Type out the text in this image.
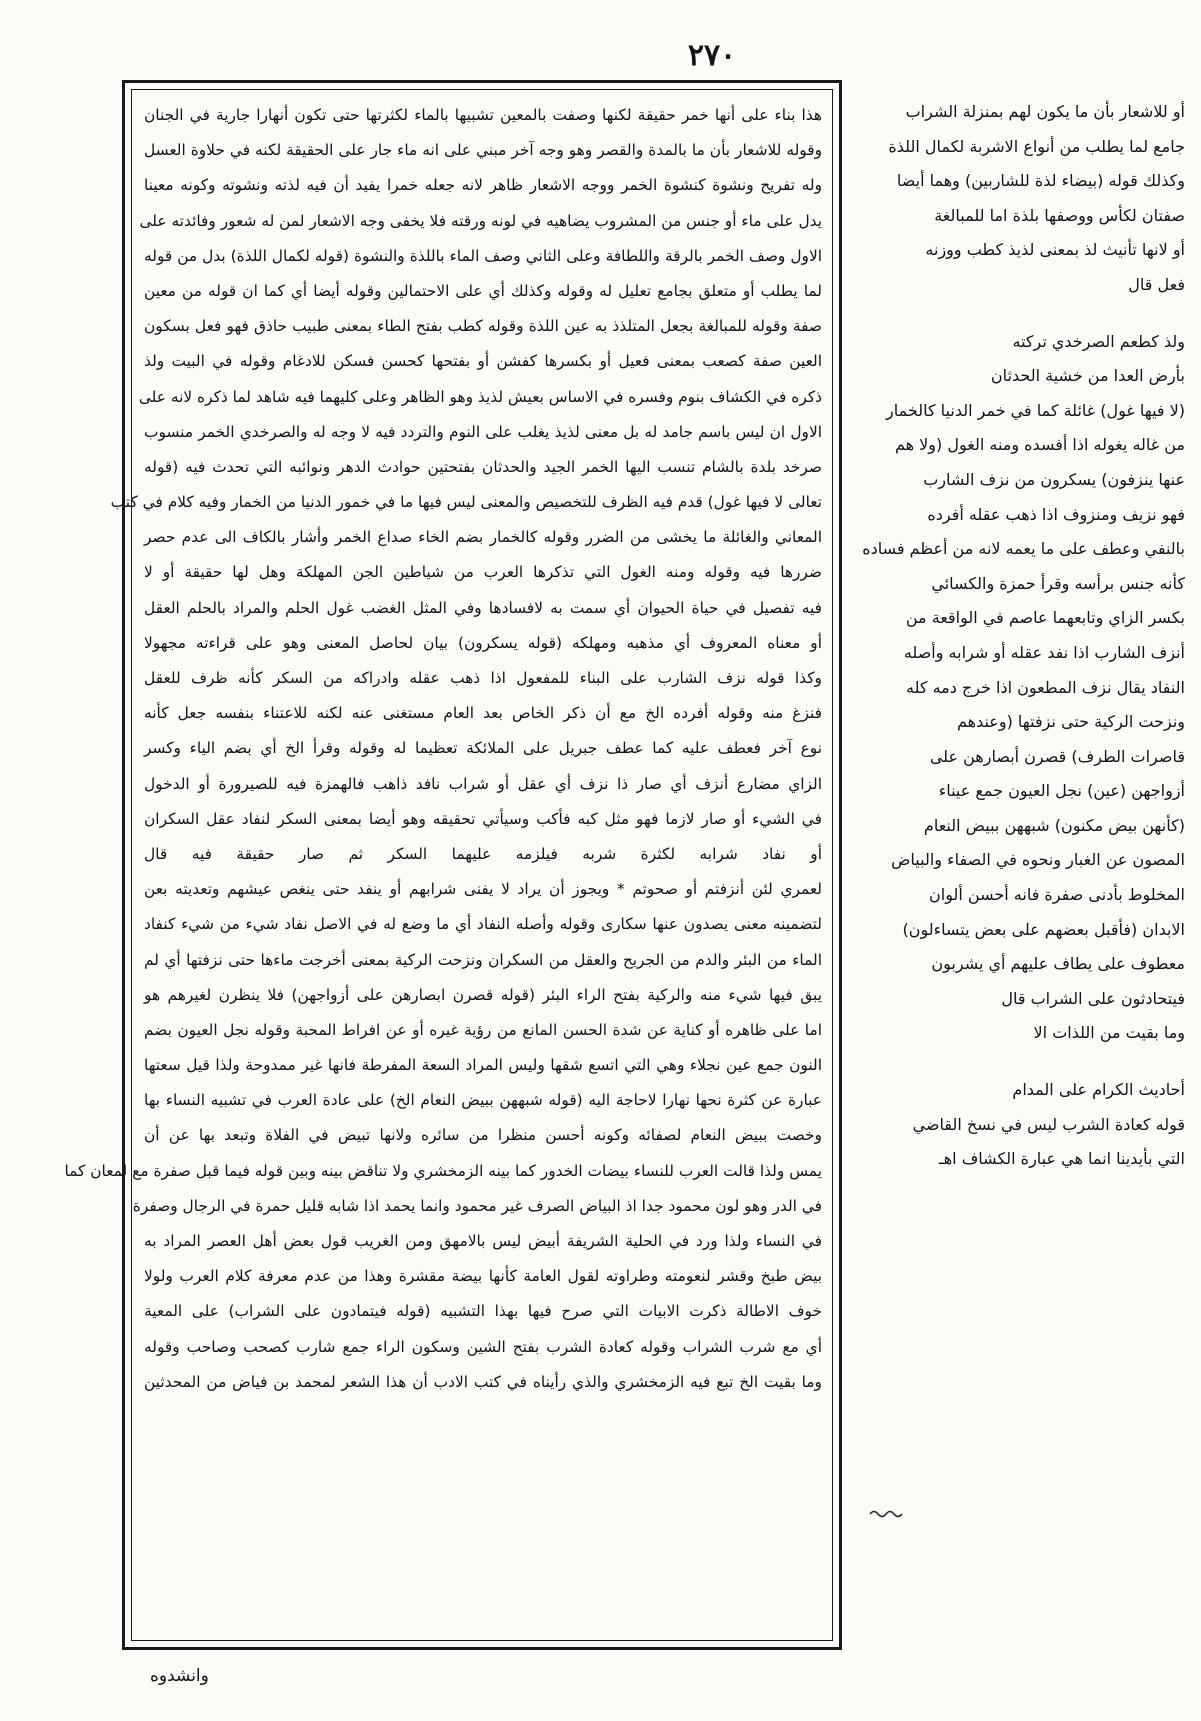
٢٧٠
هذا بناء على أنها خمر حقيقة لكنها وصفت بالمعين تشبيها بالماء لكثرتها حتى تكون أنهارا جارية في الجنان
وقوله للاشعار بأن ما بالمدة والقصر وهو وجه آخر مبني على انه ماء جار على الحقيقة لكنه في حلاوة العسل
وله تفريح ونشوة كنشوة الخمر ووجه الاشعار ظاهر لانه جعله خمرا يفيد أن فيه لذته ونشوته وكونه معينا
يدل على ماء أو جنس من المشروب يضاهيه في لونه ورقته فلا يخفى وجه الاشعار لمن له شعور وفائدته على
الاول وصف الخمر بالرقة واللطافة وعلى الثاني وصف الماء باللذة والنشوة (قوله لكمال اللذة) بدل من قوله
لما يطلب أو متعلق بجامع تعليل له وقوله وكذلك أي على الاحتمالين وقوله أيضا أي كما ان قوله من معين
صفة وقوله للمبالغة بجعل المتلذذ به عين اللذة وقوله كطب بفتح الطاء بمعنى طبيب حاذق فهو فعل بسكون
العين صفة كصعب بمعنى فعيل أو بكسرها كفشن أو بفتحها كحسن فسكن للادغام وقوله في البيت ولذ
ذكره في الكشاف بنوم وفسره في الاساس بعيش لذيذ وهو الظاهر وعلى كليهما فيه شاهد لما ذكره لانه على
الاول ان ليس باسم جامد له بل معنى لذيذ يغلب على النوم والتردد فيه لا وجه له والصرخدي الخمر منسوب
صرخد بلدة بالشام تنسب اليها الخمر الجيد والحدثان بفتحتين حوادث الدهر ونوائبه التي تحدث فيه (قوله
تعالى لا فيها غول) قدم فيه الظرف للتخصيص والمعنى ليس فيها ما في خمور الدنيا من الخمار وفيه كلام في كتب
المعاني والغائلة ما يخشى من الضرر وقوله كالخمار بضم الخاء صداع الخمر وأشار بالكاف الى عدم حصر
ضررها فيه وقوله ومنه الغول التي تذكرها العرب من شياطين الجن المهلكة وهل لها حقيقة أو لا
فيه تفصيل في حياة الحيوان أي سمت به لافسادها وفي المثل الغضب غول الحلم والمراد بالحلم العقل
أو معناه المعروف أي مذهبه ومهلكه (قوله يسكرون) بيان لحاصل المعنى وهو على قراءته مجهولا
وكذا قوله نزف الشارب على البناء للمفعول اذا ذهب عقله وادراكه من السكر كأنه ظرف للعقل
فنزغ منه وقوله أفرده الخ مع أن ذكر الخاص بعد العام مستغنى عنه لكنه للاعتناء بنفسه جعل كأنه
نوع آخر فعطف عليه كما عطف جبريل على الملائكة تعظيما له وقوله وقرأ الخ أي بضم الياء وكسر
الزاي مضارع أنزف أي صار ذا نزف أي عقل أو شراب نافد ذاهب فالهمزة فيه للصيرورة أو الدخول
في الشيء أو صار لازما فهو مثل كبه فأكب وسيأتي تحقيقه وهو أيضا بمعنى السكر لنفاد عقل السكران
أو نفاد شرابه لكثرة شربه فيلزمه عليهما السكر ثم صار حقيقة فيه قال
لعمري لئن أنزفتم أو صحوتم * ويجوز أن يراد لا يفنى شرابهم أو ينفد حتى ينغص عيشهم وتعديته بعن
لتضمينه معنى يصدون عنها سكارى وقوله وأصله النفاد أي ما وضع له في الاصل نفاد شيء من شيء كنفاد
الماء من البئر والدم من الجريح والعقل من السكران ونزحت الركية بمعنى أخرجت ماءها حتى نزفتها أي لم
يبق فيها شيء منه والركية بفتح الراء البئر (قوله قصرن ابصارهن على أزواجهن) فلا ينظرن لغيرهم هو
اما على ظاهره أو كناية عن شدة الحسن المانع من رؤية غيره أو عن افراط المحبة وقوله نجل العيون بضم
النون جمع عين نجلاء وهي التي اتسع شقها وليس المراد السعة المفرطة فانها غير ممدوحة ولذا قيل سعتها
عبارة عن كثرة نحها نهارا لاحاجة اليه (قوله شبههن ببيض النعام الخ) على عادة العرب في تشبيه النساء بها
وخصت ببيض النعام لصفائه وكونه أحسن منظرا من سائره ولانها تبيض في الفلاة وتبعد بها عن أن
يمس ولذا قالت العرب للنساء بيضات الخدور كما بينه الزمخشري ولا تناقض بينه وبين قوله فيما قبل صفرة مع لمعان كما
في الدر وهو لون محمود جدا اذ البياض الصرف غير محمود وانما يحمد اذا شابه قليل حمرة في الرجال وصفرة
في النساء ولذا ورد في الحلية الشريفة أبيض ليس بالامهق ومن الغريب قول بعض أهل العصر المراد به
بيض طبخ وقشر لنعومته وطراوته لقول العامة كأنها بيضة مقشرة وهذا من عدم معرفة كلام العرب ولولا
خوف الاطالة ذكرت الابيات التي صرح فيها بهذا التشبيه (قوله فيتمادون على الشراب) على المعية
أي مع شرب الشراب وقوله كعادة الشرب بفتح الشين وسكون الراء جمع شارب كصحب وصاحب وقوله
وما بقيت الخ تبع فيه الزمخشري والذي رأيناه في كتب الادب أن هذا الشعر لمحمد بن فياض من المحدثين
أو للاشعار بأن ما يكون لهم بمنزلة الشراب
جامع لما يطلب من أنواع الاشربة لكمال اللذة
وكذلك قوله (بيضاء لذة للشاربين) وهما أيضا
صفتان لكأس ووصفها بلذة اما للمبالغة
أو لانها تأنيث لذ بمعنى لذيذ كطب ووزنه
فعل قال
ولذ كطعم الصرخدي تركته
بأرض العدا من خشية الحدثان
(لا فيها غول) غائلة كما في خمر الدنيا كالخمار
من غاله يغوله اذا أفسده ومنه الغول (ولا هم
عنها ينزفون) يسكرون من نزف الشارب
فهو نزيف ومنزوف اذا ذهب عقله أفرده
بالنفي وعطف على ما يعمه لانه من أعظم فساده
كأنه جنس برأسه وقرأ حمزة والكسائي
بكسر الزاي وتابعهما عاصم في الواقعة من
أنزف الشارب اذا نفد عقله أو شرابه وأصله
النفاد يقال نزف المطعون اذا خرج دمه كله
ونزحت الركية حتى نزفتها (وعندهم
قاصرات الطرف) قصرن أبصارهن على
أزواجهن (عين) نجل العيون جمع عيناء
(كأنهن بيض مكنون) شبههن ببيض النعام
المصون عن الغبار ونحوه في الصفاء والبياض
المخلوط بأدنى صفرة فانه أحسن ألوان
الابدان (فأقبل بعضهم على بعض يتساءلون)
معطوف على يطاف عليهم أي يشربون
فيتحادثون على الشراب قال
وما بقيت من اللذات الا
أحاديث الكرام على المدام
قوله كعادة الشرب ليس في نسخ القاضي
التي بأيدينا انما هي عبارة الكشاف اهـ
وانشدوه
